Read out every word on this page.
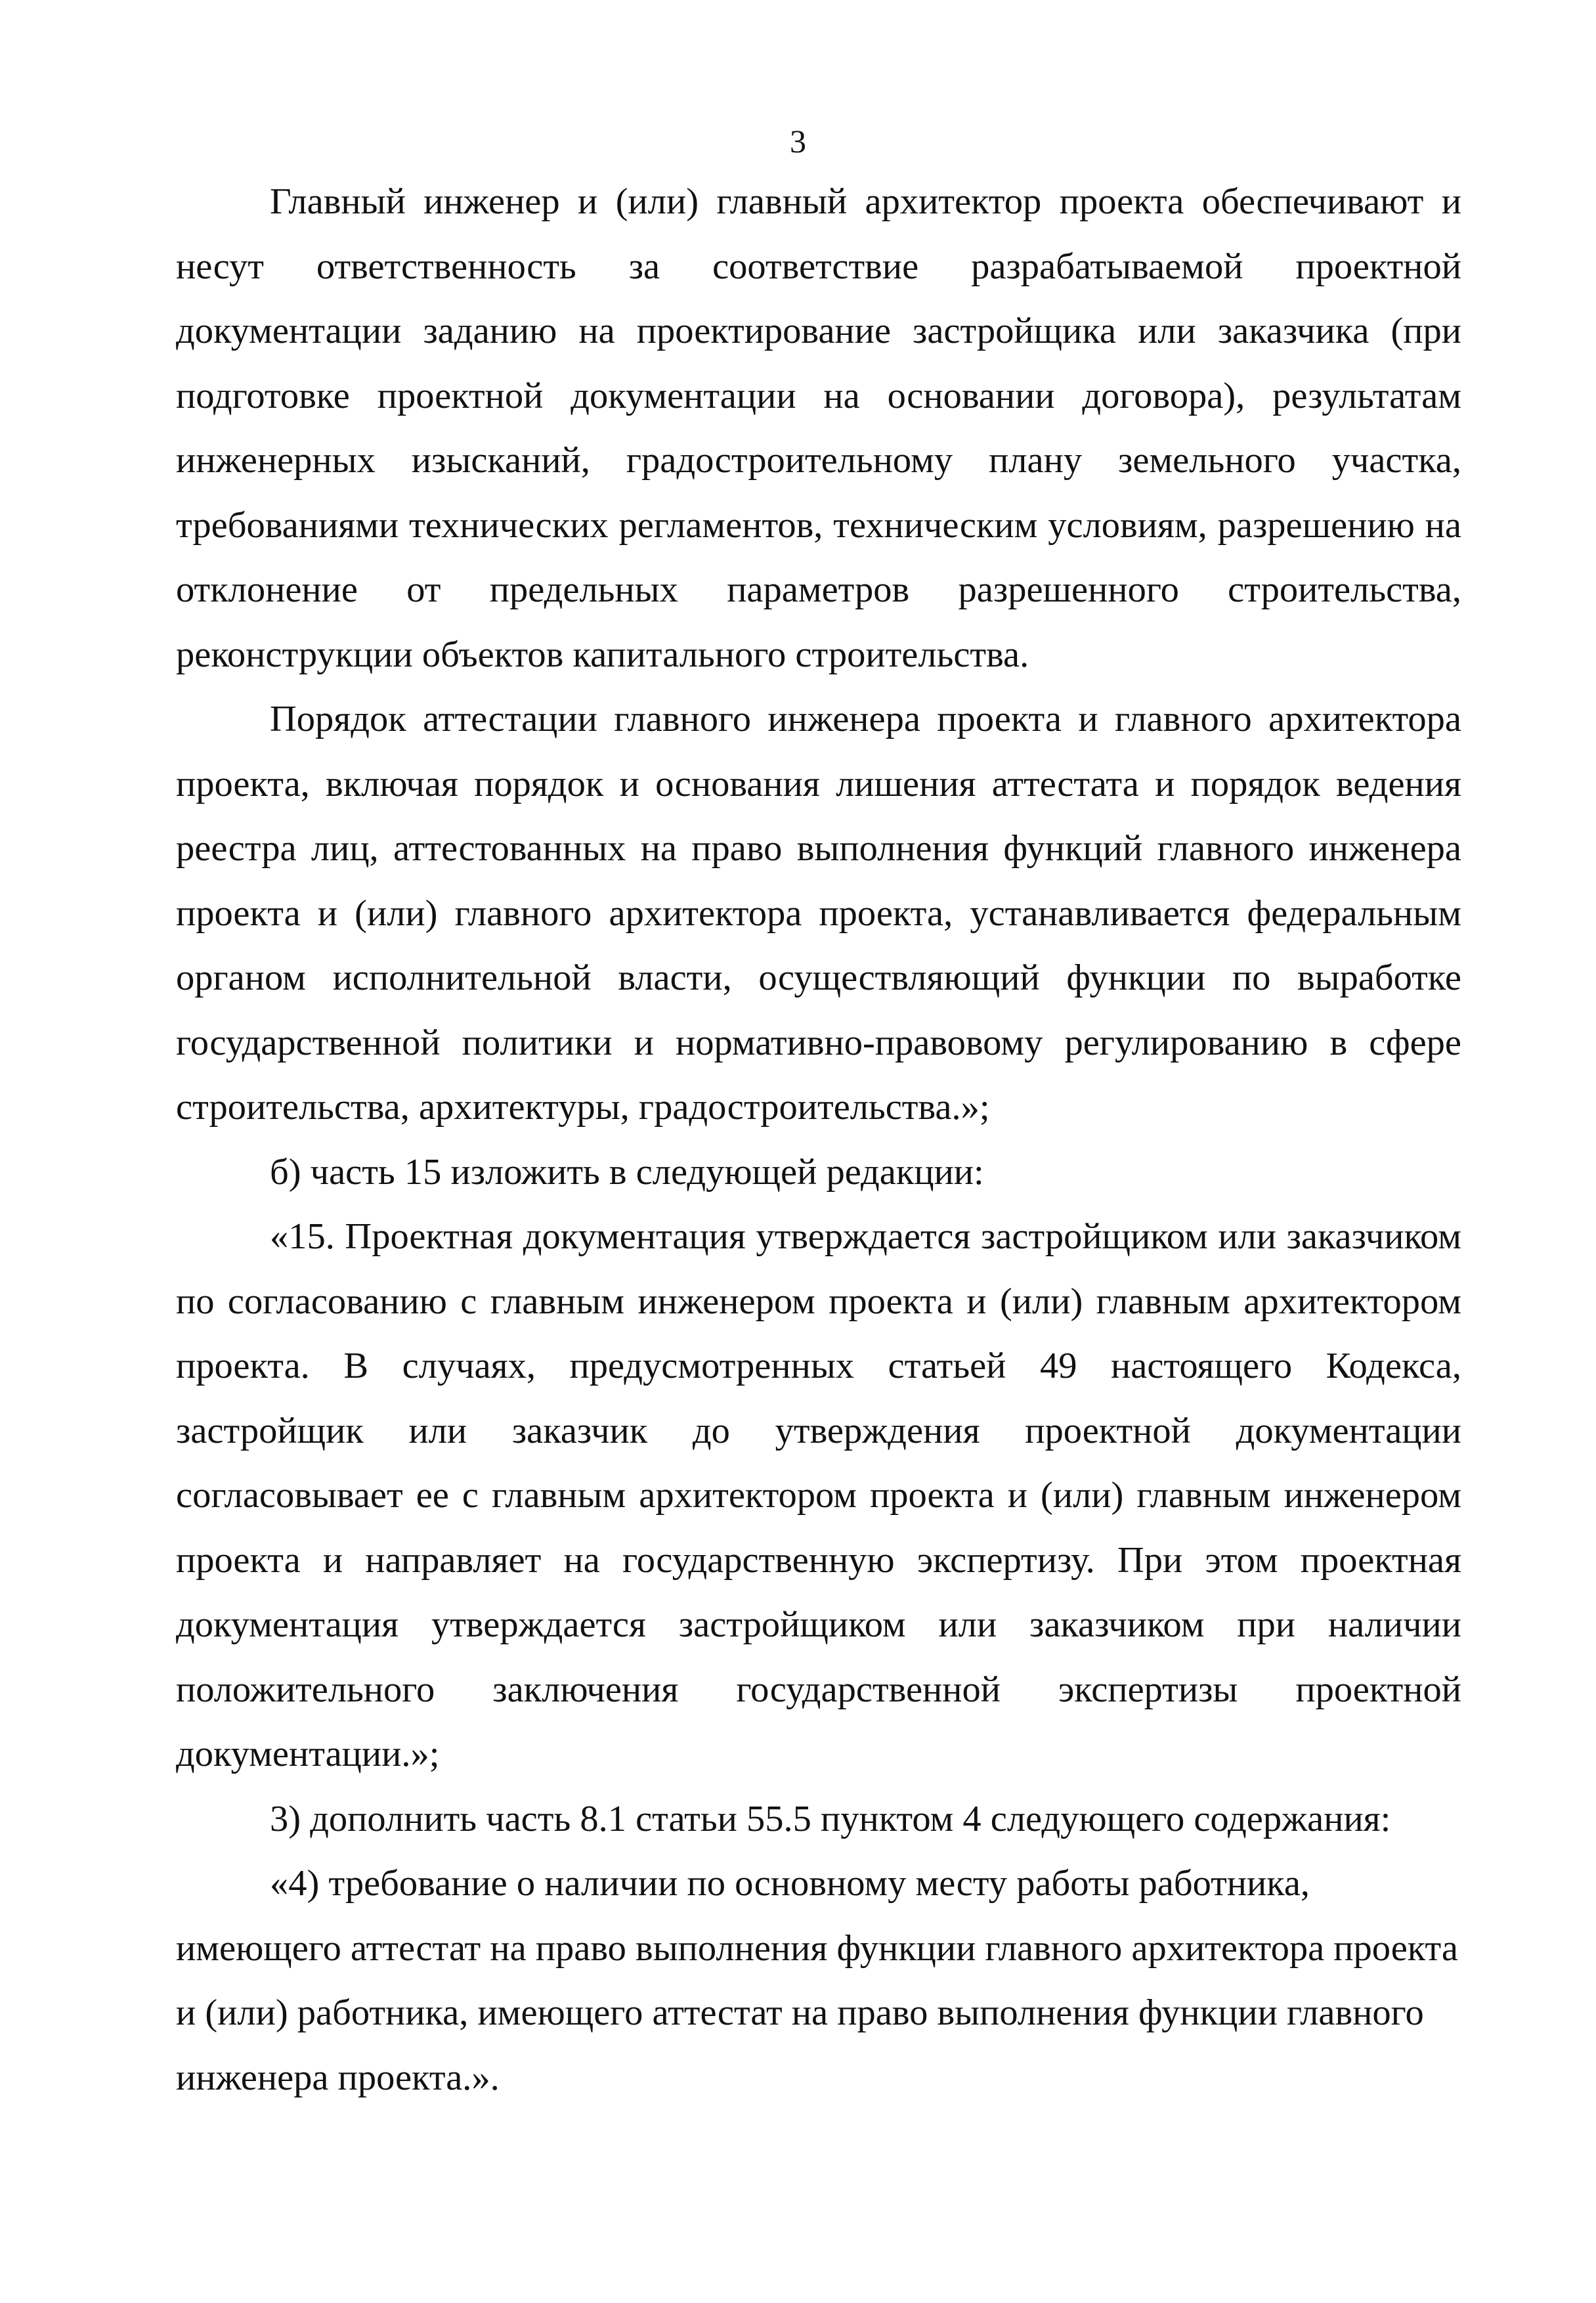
3

Главный инженер и (или) главный архитектор проекта обеспечивают и несут ответственность за соответствие разрабатываемой проектной документации заданию на проектирование застройщика или заказчика (при подготовке проектной документации на основании договора), результатам инженерных изысканий, градостроительному плану земельного участка, требованиями технических регламентов, техническим условиям, разрешению на отклонение от предельных параметров разрешенного строительства, реконструкции объектов капитального строительства.

Порядок аттестации главного инженера проекта и главного архитектора проекта, включая порядок и основания лишения аттестата и порядок ведения реестра лиц, аттестованных на право выполнения функций главного инженера проекта и (или) главного архитектора проекта, устанавливается федеральным органом исполнительной власти, осуществляющий функции по выработке государственной политики и нормативно-правовому регулированию в сфере строительства, архитектуры, градостроительства.»;

б) часть 15 изложить в следующей редакции:

«15. Проектная документация утверждается застройщиком или заказчиком по согласованию с главным инженером проекта и (или) главным архитектором проекта. В случаях, предусмотренных статьей 49 настоящего Кодекса, застройщик или заказчик до утверждения проектной документации согласовывает ее с главным архитектором проекта и (или) главным инженером проекта и направляет на государственную экспертизу. При этом проектная документация утверждается застройщиком или заказчиком при наличии положительного заключения государственной экспертизы проектной документации.»;

3) дополнить часть 8.1 статьи 55.5 пунктом 4 следующего содержания:

«4) требование о наличии по основному месту работы работника, имеющего аттестат на право выполнения функции главного архитектора проекта и (или) работника, имеющего аттестат на право выполнения функции главного инженера проекта.».
